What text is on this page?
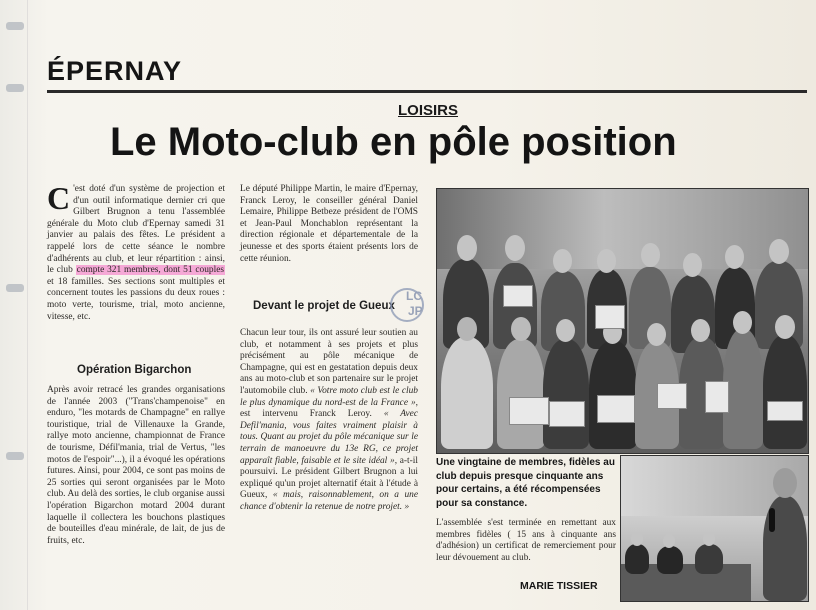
ÉPERNAY
LOISIRS
Le Moto-club en pôle position

C 'est doté d'un système de projection et d'un outil informatique dernier cri que Gilbert Brugnon a tenu l'assemblée générale du Moto club d'Epernay samedi 31 janvier au palais des fêtes. Le président a rappelé lors de cette séance le nombre d'adhérents au club, et leur répartition : ainsi, le club compte 321 membres, dont 51 couples et 18 familles. Ses sections sont multiples et concernent toutes les passions du deux roues : moto verte, tourisme, trial, moto ancienne, vitesse, etc.

Opération Bigarchon

Après avoir retracé les grandes organisations de l'année 2003 ("Trans'champenoise" en enduro, "les motards de Champagne" en rallye touristique, trial de Villenauxe la Grande, rallye moto ancienne, championnat de France de tourisme, Défil'mania, trial de Vertus, "les motos de l'espoir"...), il a évoqué les opérations futures. Ainsi, pour 2004, ce sont pas moins de 25 sorties qui seront organisées par le Moto club. Au delà des sorties, le club organise aussi l'opération Bigarchon motard 2004 durant laquelle il collectera les bouchons plastiques de bouteilles d'eau minérale, de lait, de jus de fruits, etc.

Le député Philippe Martin, le maire d'Epernay, Franck Leroy, le conseiller général Daniel Lemaire, Philippe Betbeze président de l'OMS et Jean-Paul Monchablon représentant la direction régionale et départementale de la jeunesse et des sports étaient présents lors de cette réunion.

Devant le projet de Gueux
LC
JP

Chacun leur tour, ils ont assuré leur soutien au club, et notamment à ses projets et plus précisément au pôle mécanique de Champagne, qui est en gestatation depuis deux ans au moto-club et son partenaire sur le projet l'automobile club. « Votre moto club est le club le plus dynamique du nord-est de la France », est intervenu Franck Leroy. « Avec Defil'mania, vous faites vraiment plaisir à tous. Quant au projet du pôle mécanique sur le terrain de manoeuvre du 13e RG, ce projet apparaît fiable, faisable et le site idéal », a-t-il poursuivi. Le président Gilbert Brugnon a lui expliqué qu'un projet alternatif était à l'étude à Gueux, « mais, raisonnablement, on a une chance d'obtenir la retenue de notre projet. »

Une vingtaine de membres, fidèles au club depuis presque cinquante ans pour certains, a été récompensées pour sa constance.
L'assemblée s'est terminée en remettant aux membres fidèles ( 15 ans à cinquante ans d'adhésion) un certificat de remerciement pour leur dévouement au club.
MARIE TISSIER
